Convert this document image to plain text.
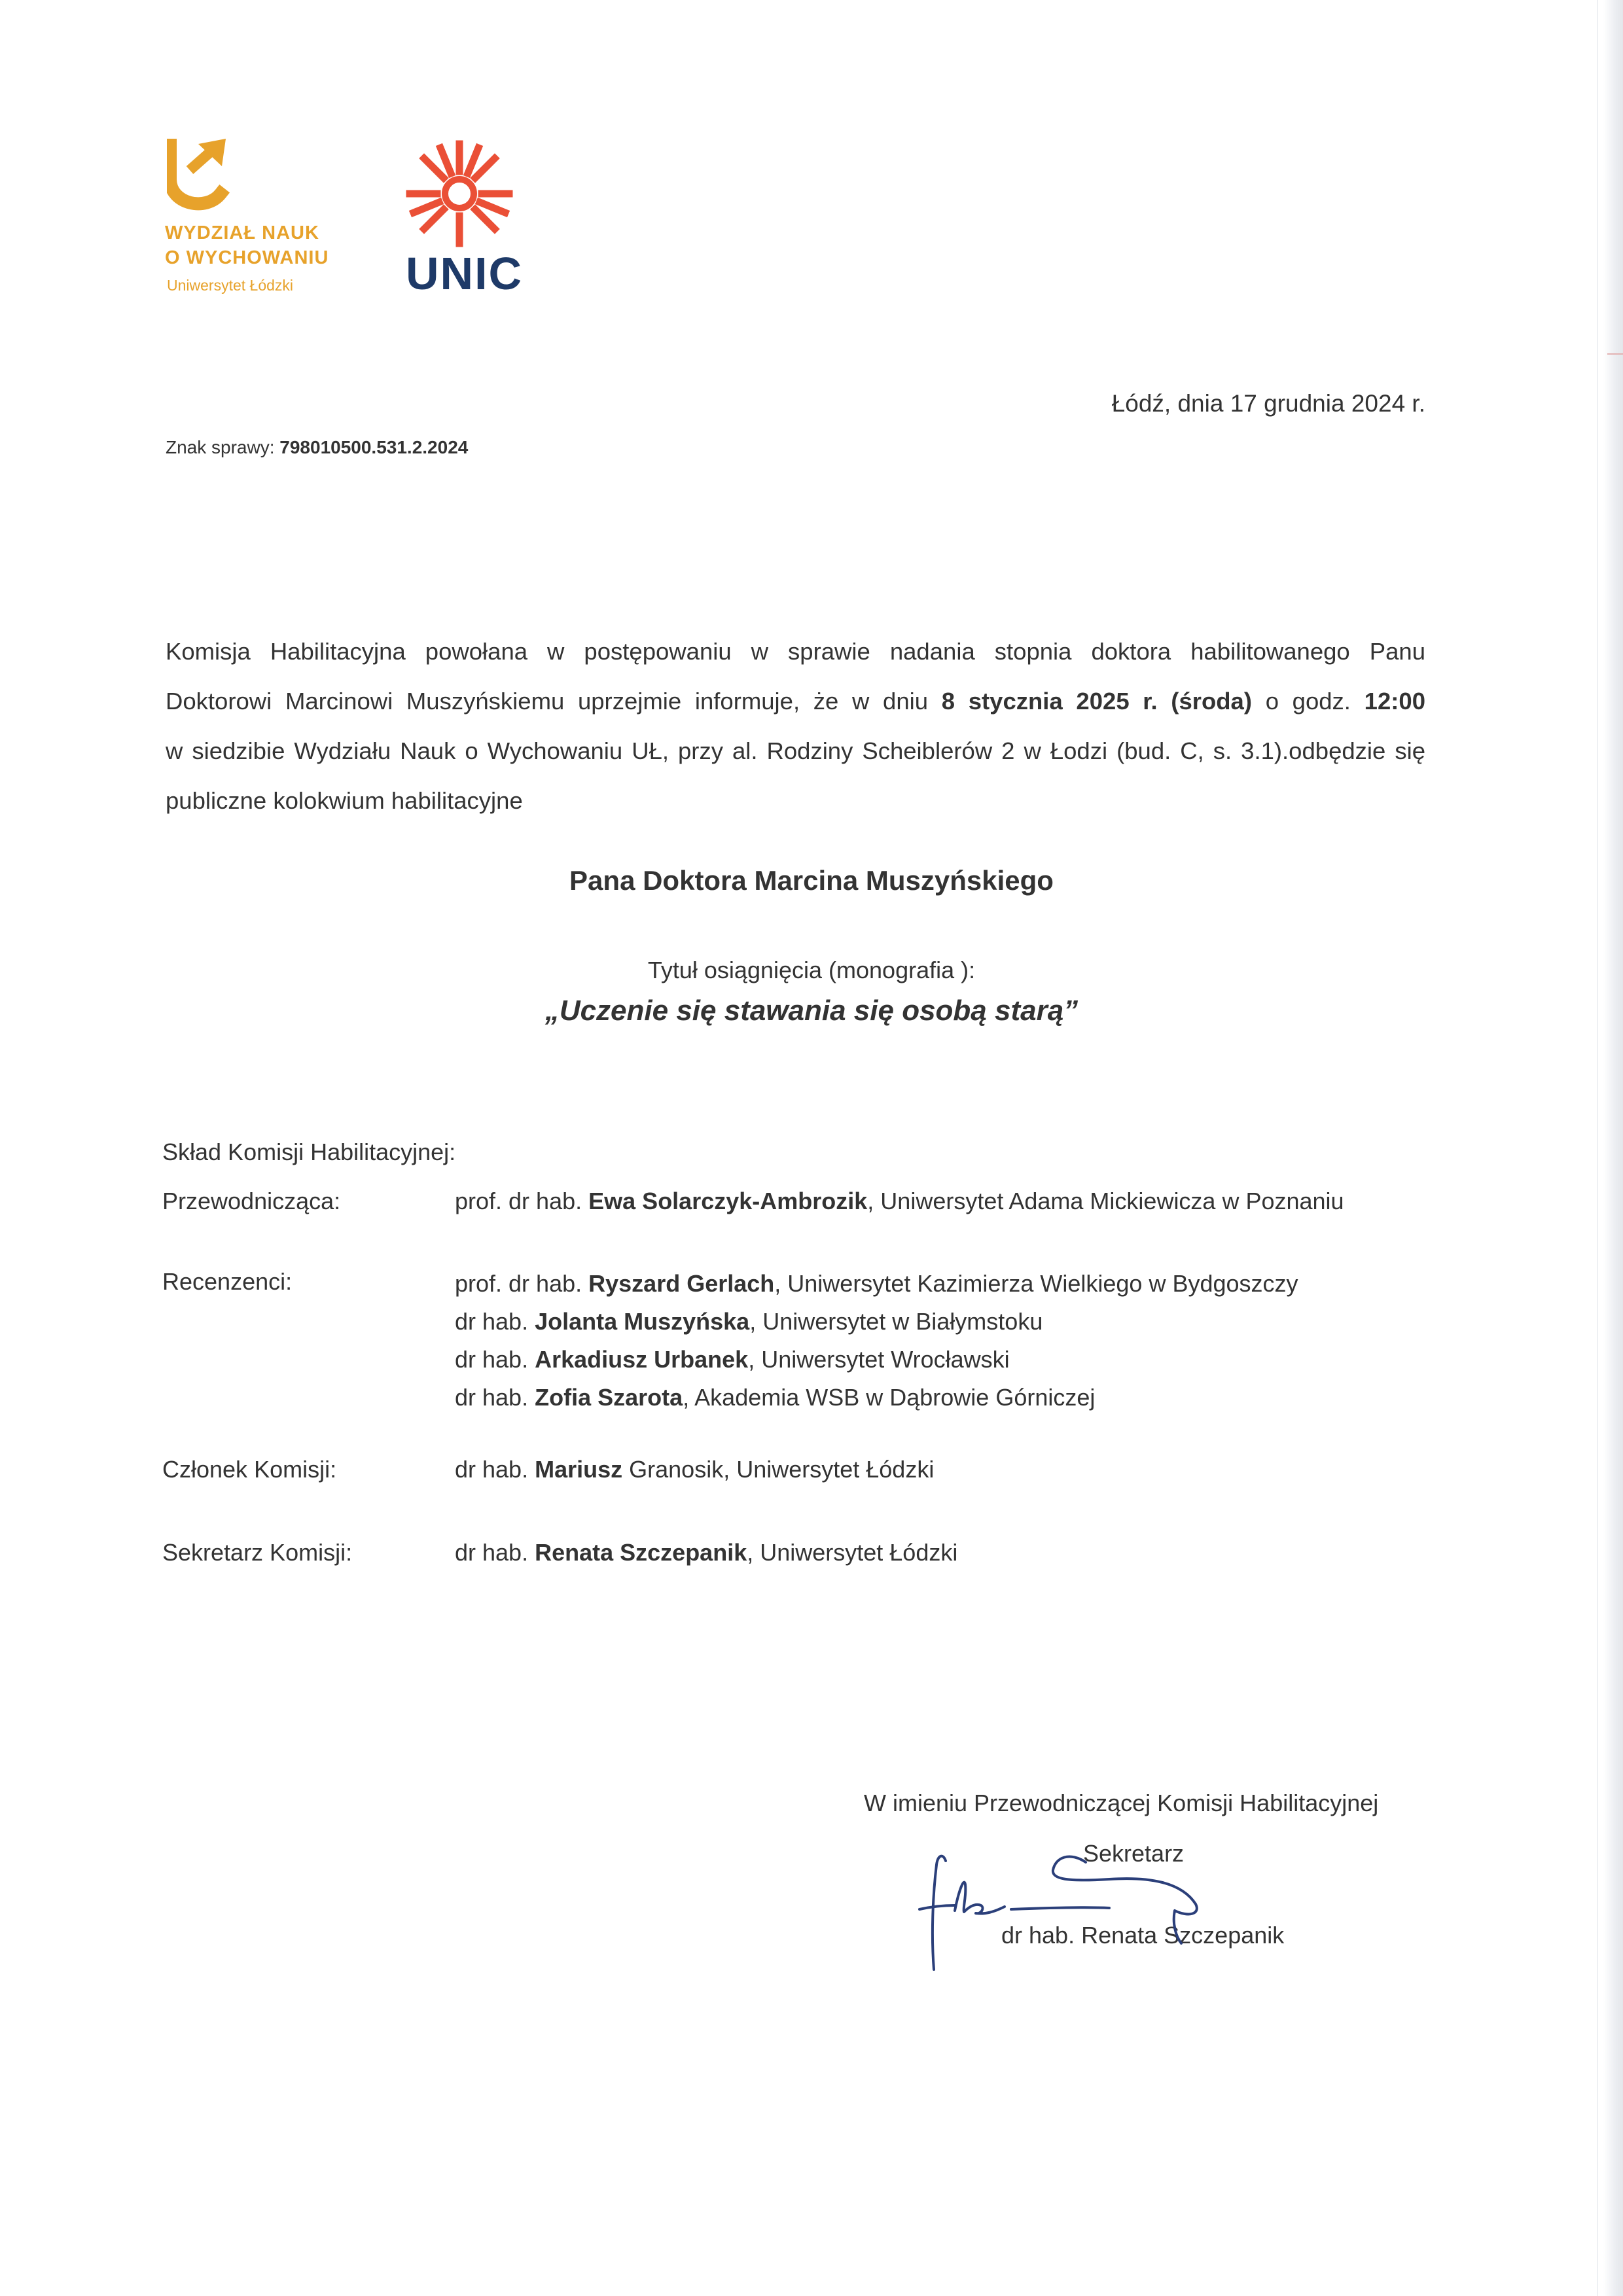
WYDZIAŁ NAUK
O WYCHOWANIU
Uniwersytet Łódzki UNIC
Łódź, dnia 17 grudnia 2024 r.
Znak sprawy: 798010500.531.2.2024
Komisja Habilitacyjna powołana w postępowaniu w sprawie nadania stopnia doktora habilitowanego Panu
Doktorowi Marcinowi Muszyńskiemu uprzejmie informuje, że w dniu 8 stycznia 2025 r. (środa) o godz. 12:00
w siedzibie Wydziału Nauk o Wychowaniu UŁ, przy al. Rodziny Scheiblerów 2 w Łodzi (bud. C, s. 3.1).odbędzie się
publiczne kolokwium habilitacyjne
Pana Doktora Marcina Muszyńskiego
Tytuł osiągnięcia (monografia ):
„Uczenie się stawania się osobą starą”
Skład Komisji Habilitacyjnej:
Przewodnicząca:	prof. dr hab. Ewa Solarczyk-Ambrozik, Uniwersytet Adama Mickiewicza w Poznaniu
Recenzenci:	prof. dr hab. Ryszard Gerlach, Uniwersytet Kazimierza Wielkiego w Bydgoszczy
dr hab. Jolanta Muszyńska, Uniwersytet w Białymstoku
dr hab. Arkadiusz Urbanek, Uniwersytet Wrocławski
dr hab. Zofia Szarota, Akademia WSB w Dąbrowie Górniczej
Członek Komisji:	dr hab. Mariusz Granosik, Uniwersytet Łódzki
Sekretarz Komisji:	dr hab. Renata Szczepanik, Uniwersytet Łódzki
W imieniu Przewodniczącej Komisji Habilitacyjnej
Sekretarz
dr hab. Renata Szczepanik
